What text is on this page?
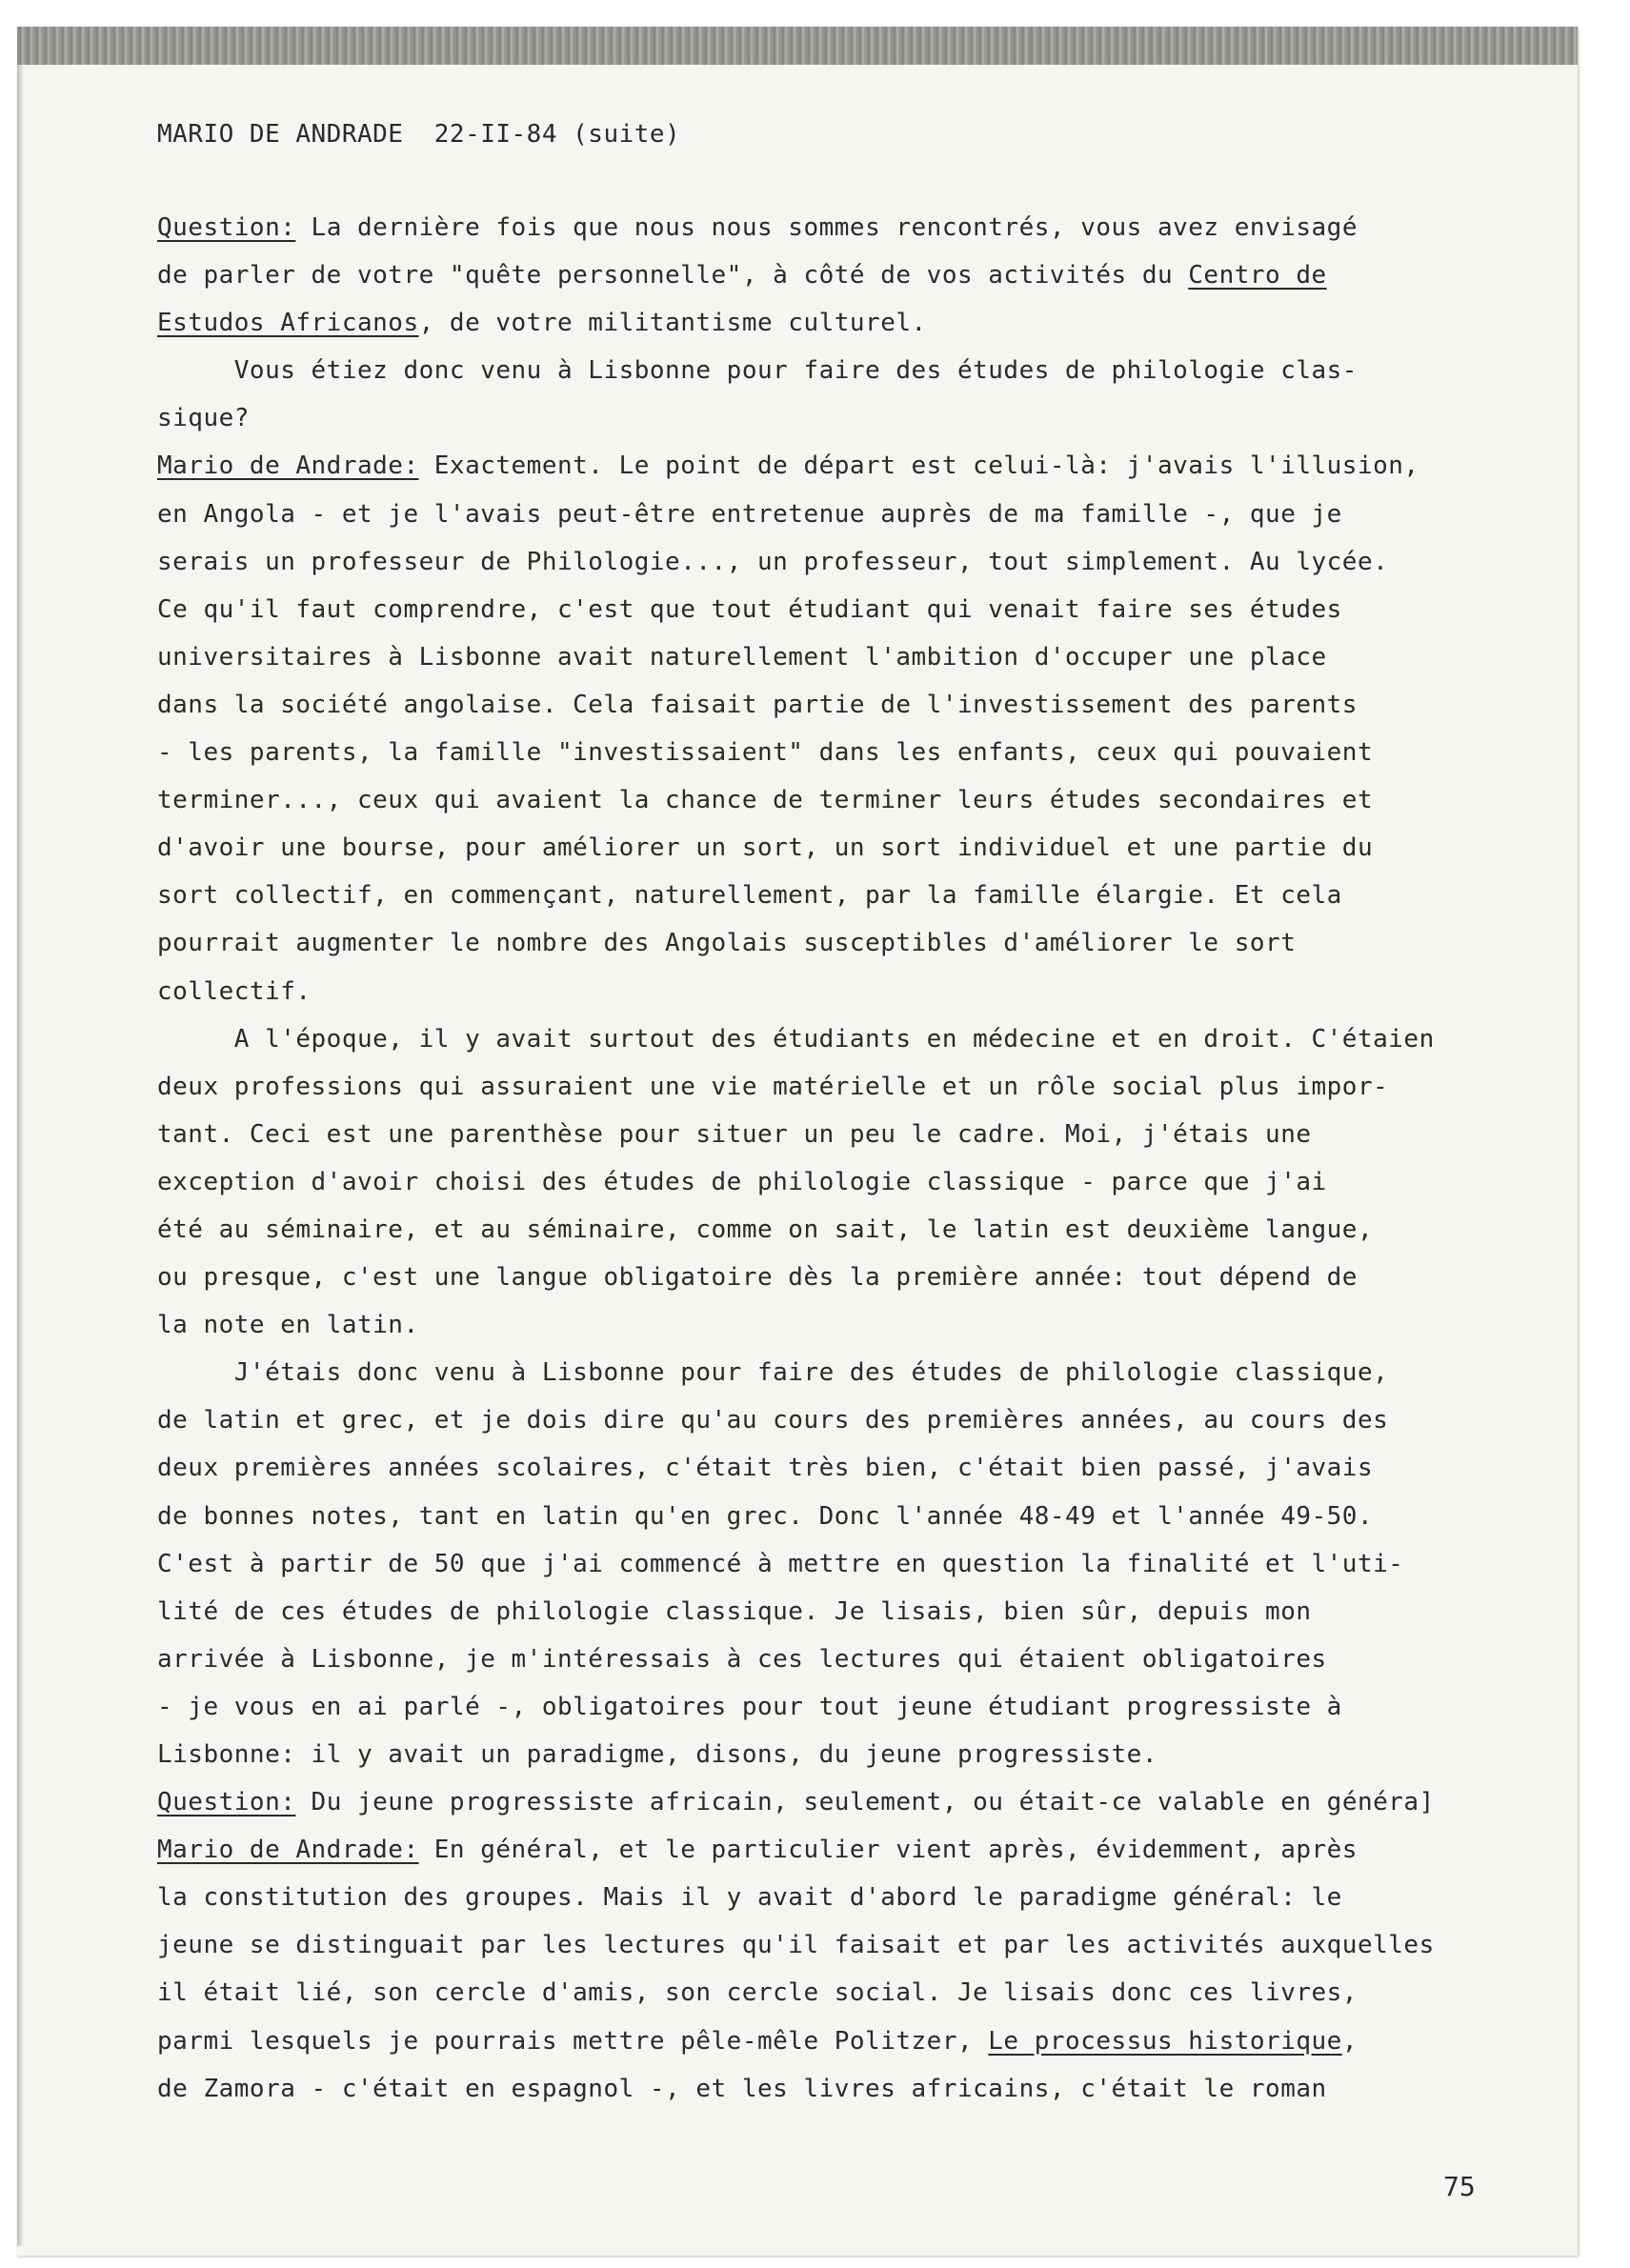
MARIO DE ANDRADE  22-II-84 (suite)
Question: La dernière fois que nous nous sommes rencontrés, vous avez envisagé
de parler de votre "quête personnelle", à côté de vos activités du Centro de
Estudos Africanos, de votre militantisme culturel.
Vous étiez donc venu à Lisbonne pour faire des études de philologie clas-
sique?
Mario de Andrade: Exactement. Le point de départ est celui-là: j'avais l'illusion,
en Angola - et je l'avais peut-être entretenue auprès de ma famille -, que je
serais un professeur de Philologie..., un professeur, tout simplement. Au lycée.
Ce qu'il faut comprendre, c'est que tout étudiant qui venait faire ses études
universitaires à Lisbonne avait naturellement l'ambition d'occuper une place
dans la société angolaise. Cela faisait partie de l'investissement des parents
- les parents, la famille "investissaient" dans les enfants, ceux qui pouvaient
terminer..., ceux qui avaient la chance de terminer leurs études secondaires et
d'avoir une bourse, pour améliorer un sort, un sort individuel et une partie du
sort collectif, en commençant, naturellement, par la famille élargie. Et cela
pourrait augmenter le nombre des Angolais susceptibles d'améliorer le sort
collectif.
A l'époque, il y avait surtout des étudiants en médecine et en droit. C'étaien
deux professions qui assuraient une vie matérielle et un rôle social plus impor-
tant. Ceci est une parenthèse pour situer un peu le cadre. Moi, j'étais une
exception d'avoir choisi des études de philologie classique - parce que j'ai
été au séminaire, et au séminaire, comme on sait, le latin est deuxième langue,
ou presque, c'est une langue obligatoire dès la première année: tout dépend de
la note en latin.
J'étais donc venu à Lisbonne pour faire des études de philologie classique,
de latin et grec, et je dois dire qu'au cours des premières années, au cours des
deux premières années scolaires, c'était très bien, c'était bien passé, j'avais
de bonnes notes, tant en latin qu'en grec. Donc l'année 48-49 et l'année 49-50.
C'est à partir de 50 que j'ai commencé à mettre en question la finalité et l'uti-
lité de ces études de philologie classique. Je lisais, bien sûr, depuis mon
arrivée à Lisbonne, je m'intéressais à ces lectures qui étaient obligatoires
- je vous en ai parlé -, obligatoires pour tout jeune étudiant progressiste à
Lisbonne: il y avait un paradigme, disons, du jeune progressiste.
Question: Du jeune progressiste africain, seulement, ou était-ce valable en généra]
Mario de Andrade: En général, et le particulier vient après, évidemment, après
la constitution des groupes. Mais il y avait d'abord le paradigme général: le
jeune se distinguait par les lectures qu'il faisait et par les activités auxquelles
il était lié, son cercle d'amis, son cercle social. Je lisais donc ces livres,
parmi lesquels je pourrais mettre pêle-mêle Politzer, Le processus historique,
de Zamora - c'était en espagnol -, et les livres africains, c'était le roman
75
